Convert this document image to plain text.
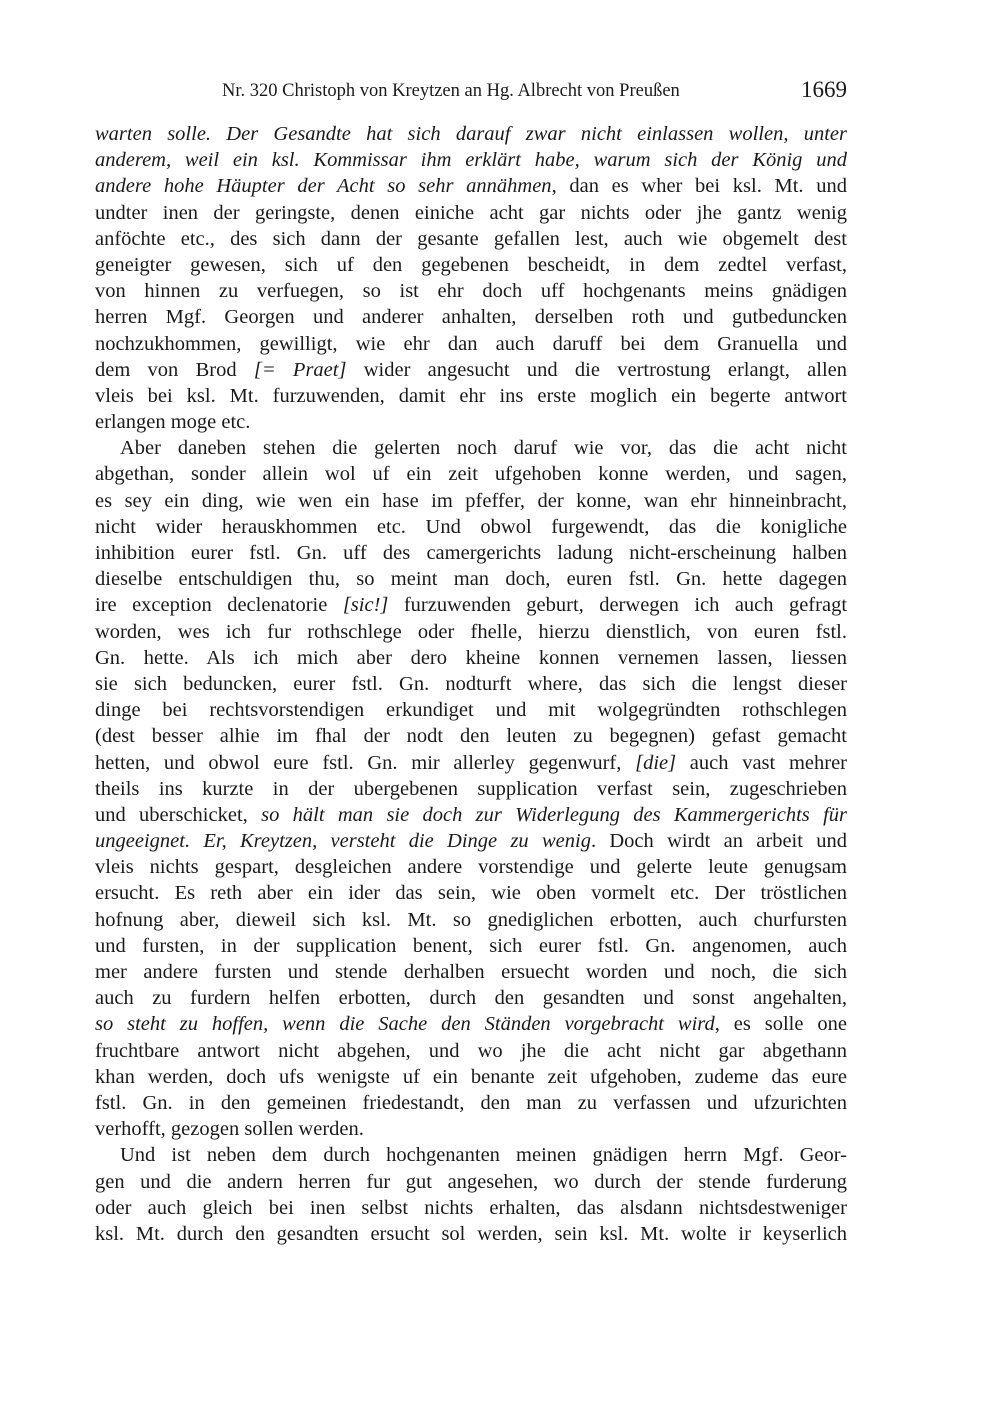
Nr. 320 Christoph von Kreytzen an Hg. Albrecht von Preußen	1669
warten solle. Der Gesandte hat sich darauf zwar nicht einlassen wollen, unter
anderem, weil ein ksl. Kommissar ihm erklärt habe, warum sich der König und
andere hohe Häupter der Acht so sehr annähmen, dan es wher bei ksl. Mt. und
undter inen der geringste, denen einiche acht gar nichts oder jhe gantz wenig
anföchte etc., des sich dann der gesante gefallen lest, auch wie obgemelt dest
geneigter gewesen, sich uf den gegebenen bescheidt, in dem zedtel verfast,
von hinnen zu verfuegen, so ist ehr doch uff hochgenants meins gnädigen
herren Mgf. Georgen und anderer anhalten, derselben roth und gutbeduncken
nochzukhommen, gewilligt, wie ehr dan auch daruff bei dem Granuella und
dem von Brod [= Praet] wider angesucht und die vertrostung erlangt, allen
vleis bei ksl. Mt. furzuwenden, damit ehr ins erste moglich ein begerte antwort
erlangen moge etc.
Aber daneben stehen die gelerten noch daruf wie vor, das die acht nicht
abgethan, sonder allein wol uf ein zeit ufgehoben konne werden, und sagen,
es sey ein ding, wie wen ein hase im pfeffer, der konne, wan ehr hinneinbracht,
nicht wider herauskhommen etc. Und obwol furgewendt, das die konigliche
inhibition eurer fstl. Gn. uff des camergerichts ladung nicht-erscheinung halben
dieselbe entschuldigen thu, so meint man doch, euren fstl. Gn. hette dagegen
ire exception declenatorie [sic!] furzuwenden geburt, derwegen ich auch gefragt
worden, wes ich fur rothschlege oder fhelle, hierzu dienstlich, von euren fstl.
Gn. hette. Als ich mich aber dero kheine konnen vernemen lassen, liessen
sie sich beduncken, eurer fstl. Gn. nodturft where, das sich die lengst dieser
dinge bei rechtsvorstendigen erkundiget und mit wolgegründten rothschlegen
(dest besser alhie im fhal der nodt den leuten zu begegnen) gefast gemacht
hetten, und obwol eure fstl. Gn. mir allerley gegenwurf, [die] auch vast mehrer
theils ins kurzte in der ubergebenen supplication verfast sein, zugeschrieben
und uberschicket, so hält man sie doch zur Widerlegung des Kammergerichts für
ungeeignet. Er, Kreytzen, versteht die Dinge zu wenig. Doch wirdt an arbeit und
vleis nichts gespart, desgleichen andere vorstendige und gelerte leute genugsam
ersucht. Es reth aber ein ider das sein, wie oben vormelt etc. Der tröstlichen
hofnung aber, dieweil sich ksl. Mt. so gnediglichen erbotten, auch churfursten
und fursten, in der supplication benent, sich eurer fstl. Gn. angenomen, auch
mer andere fursten und stende derhalben ersuecht worden und noch, die sich
auch zu furdern helfen erbotten, durch den gesandten und sonst angehalten,
so steht zu hoffen, wenn die Sache den Ständen vorgebracht wird, es solle one
fruchtbare antwort nicht abgehen, und wo jhe die acht nicht gar abgethann
khan werden, doch ufs wenigste uf ein benante zeit ufgehoben, zudeme das eure
fstl. Gn. in den gemeinen friedestandt, den man zu verfassen und ufzurichten
verhofft, gezogen sollen werden.
Und ist neben dem durch hochgenanten meinen gnädigen herrn Mgf. Geor-
gen und die andern herren fur gut angesehen, wo durch der stende furderung
oder auch gleich bei inen selbst nichts erhalten, das alsdann nichtsdestweniger
ksl. Mt. durch den gesandten ersucht sol werden, sein ksl. Mt. wolte ir keyserlich
